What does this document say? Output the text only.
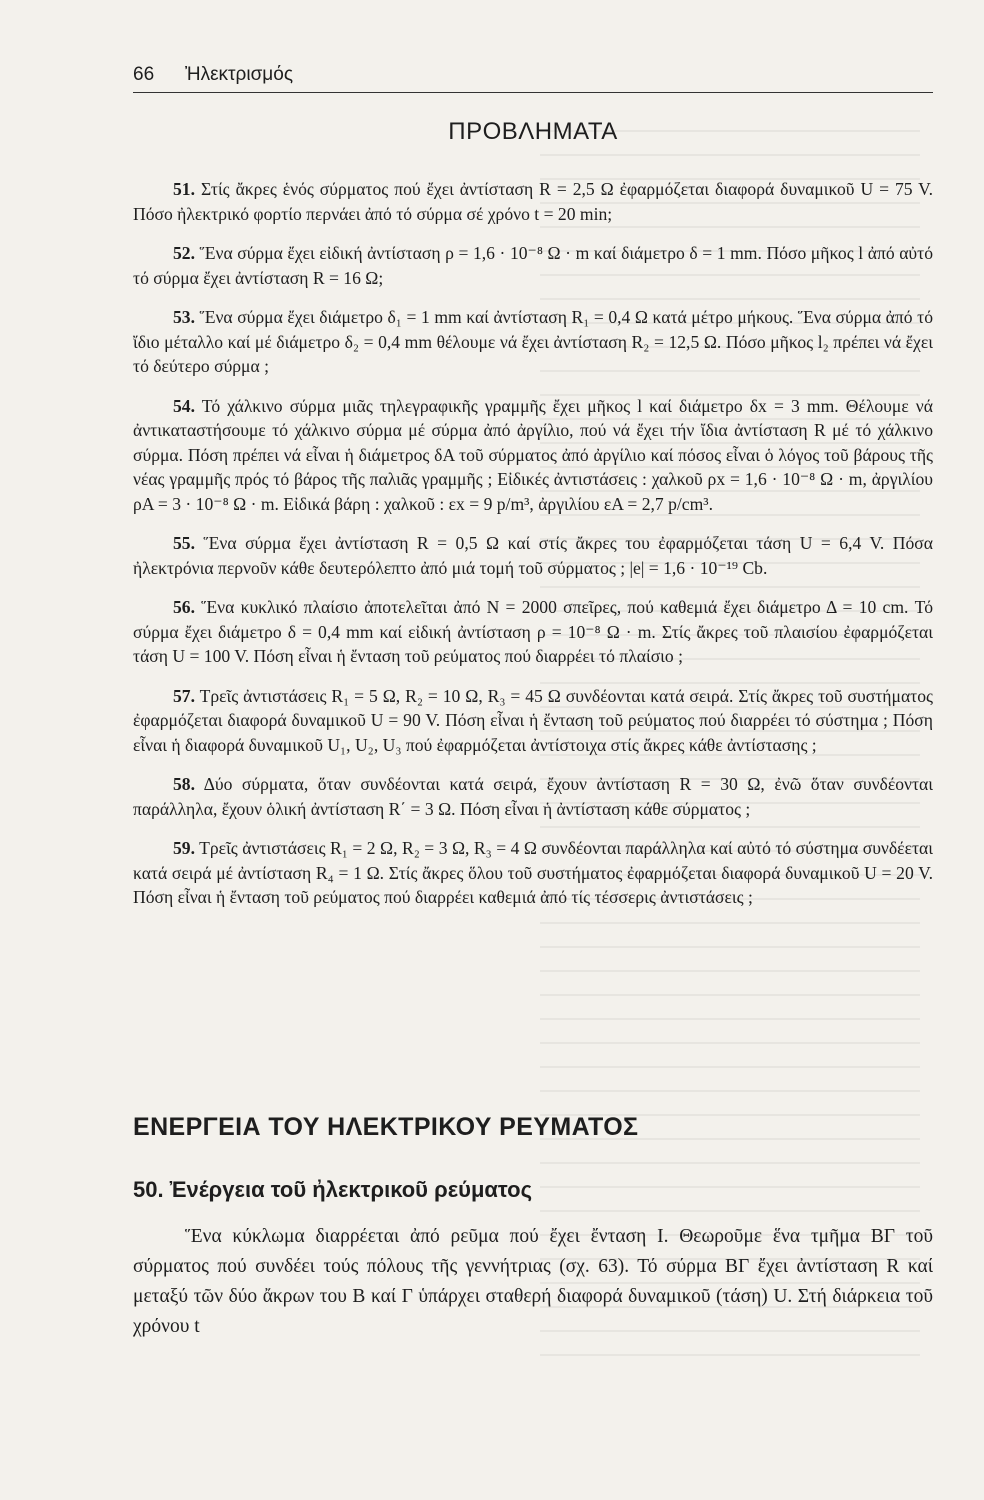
66 Ἠλεκτρισμός
ΠΡΟΒΛΗΜΑΤΑ

51. Στίς ἄκρες ἑνός σύρματος πού ἔχει ἀντίσταση R = 2,5 Ω ἐφαρμόζεται διαφορά δυναμικοῦ U = 75 V. Πόσο ἠλεκτρικό φορτίο περνάει ἀπό τό σύρμα σέ χρόνο t = 20 min;

52. Ἕνα σύρμα ἔχει εἰδική ἀντίσταση ρ = 1,6 · 10⁻⁸ Ω · m καί διάμετρο δ = 1 mm. Πόσο μῆκος l ἀπό αὐτό τό σύρμα ἔχει ἀντίσταση R = 16 Ω;

53. Ἕνα σύρμα ἔχει διάμετρο δ₁ = 1 mm καί ἀντίσταση R₁ = 0,4 Ω κατά μέτρο μήκους. Ἕνα σύρμα ἀπό τό ἴδιο μέταλλο καί μέ διάμετρο δ₂ = 0,4 mm θέλουμε νά ἔχει ἀντίσταση R₂ = 12,5 Ω. Πόσο μῆκος l₂ πρέπει νά ἔχει τό δεύτερο σύρμα ;

54. Τό χάλκινο σύρμα μιᾶς τηλεγραφικῆς γραμμῆς ἔχει μῆκος l καί διάμετρο δx = 3 mm. Θέλουμε νά ἀντικαταστήσουμε τό χάλκινο σύρμα μέ σύρμα ἀπό ἀργίλιο, πού νά ἔχει τήν ἴδια ἀντίσταση R μέ τό χάλκινο σύρμα. Πόση πρέπει νά εἶναι ἡ διάμετρος δA τοῦ σύρματος ἀπό ἀργίλιο καί πόσος εἶναι ὁ λόγος τοῦ βάρους τῆς νέας γραμμῆς πρός τό βάρος τῆς παλιᾶς γραμμῆς ; Εἰδικές ἀντιστάσεις : χαλκοῦ ρx = 1,6 · 10⁻⁸ Ω · m, ἀργιλίου ρA = 3 · 10⁻⁸ Ω · m. Εἰδικά βάρη : χαλκοῦ : εx = 9 p/m³, ἀργιλίου εA = 2,7 p/cm³.

55. Ἕνα σύρμα ἔχει ἀντίσταση R = 0,5 Ω καί στίς ἄκρες του ἐφαρμόζεται τάση U = 6,4 V. Πόσα ἠλεκτρόνια περνοῦν κάθε δευτερόλεπτο ἀπό μιά τομή τοῦ σύρματος ; |e| = 1,6 · 10⁻¹⁹ Cb.

56. Ἕνα κυκλικό πλαίσιο ἀποτελεῖται ἀπό N = 2000 σπεῖρες, πού καθεμιά ἔχει διάμετρο Δ = 10 cm. Τό σύρμα ἔχει διάμετρο δ = 0,4 mm καί εἰδική ἀντίσταση ρ = 10⁻⁸ Ω · m. Στίς ἄκρες τοῦ πλαισίου ἐφαρμόζεται τάση U = 100 V. Πόση εἶναι ἡ ἔνταση τοῦ ρεύματος πού διαρρέει τό πλαίσιο ;

57. Τρεῖς ἀντιστάσεις R₁ = 5 Ω, R₂ = 10 Ω, R₃ = 45 Ω συνδέονται κατά σειρά. Στίς ἄκρες τοῦ συστήματος ἐφαρμόζεται διαφορά δυναμικοῦ U = 90 V. Πόση εἶναι ἡ ἔνταση τοῦ ρεύματος πού διαρρέει τό σύστημα ; Πόση εἶναι ἡ διαφορά δυναμικοῦ U₁, U₂, U₃ πού ἐφαρμόζεται ἀντίστοιχα στίς ἄκρες κάθε ἀντίστασης ;

58. Δύο σύρματα, ὅταν συνδέονται κατά σειρά, ἔχουν ἀντίσταση R = 30 Ω, ἐνῶ ὅταν συνδέονται παράλληλα, ἔχουν ὁλική ἀντίσταση R΄ = 3 Ω. Πόση εἶναι ἡ ἀντίσταση κάθε σύρματος ;

59. Τρεῖς ἀντιστάσεις R₁ = 2 Ω, R₂ = 3 Ω, R₃ = 4 Ω συνδέονται παράλληλα καί αὐτό τό σύστημα συνδέεται κατά σειρά μέ ἀντίσταση R₄ = 1 Ω. Στίς ἄκρες ὅλου τοῦ συστήματος ἐφαρμόζεται διαφορά δυναμικοῦ U = 20 V. Πόση εἶναι ἡ ἔνταση τοῦ ρεύματος πού διαρρέει καθεμιά ἀπό τίς τέσσερις ἀντιστάσεις ;

ΕΝΕΡΓΕΙΑ ΤΟΥ ΗΛΕΚΤΡΙΚΟΥ ΡΕΥΜΑΤΟΣ
50. Ἐνέργεια τοῦ ἠλεκτρικοῦ ρεύματος

Ἕνα κύκλωμα διαρρέεται ἀπό ρεῦμα πού ἔχει ἔνταση I. Θεωροῦμε ἕνα τμῆμα ΒΓ τοῦ σύρματος πού συνδέει τούς πόλους τῆς γεννήτριας (σχ. 63). Τό σύρμα ΒΓ ἔχει ἀντίσταση R καί μεταξύ τῶν δύο ἄκρων του Β καί Γ ὑπάρχει σταθερή διαφορά δυναμικοῦ (τάση) U. Στή διάρκεια τοῦ χρόνου t
